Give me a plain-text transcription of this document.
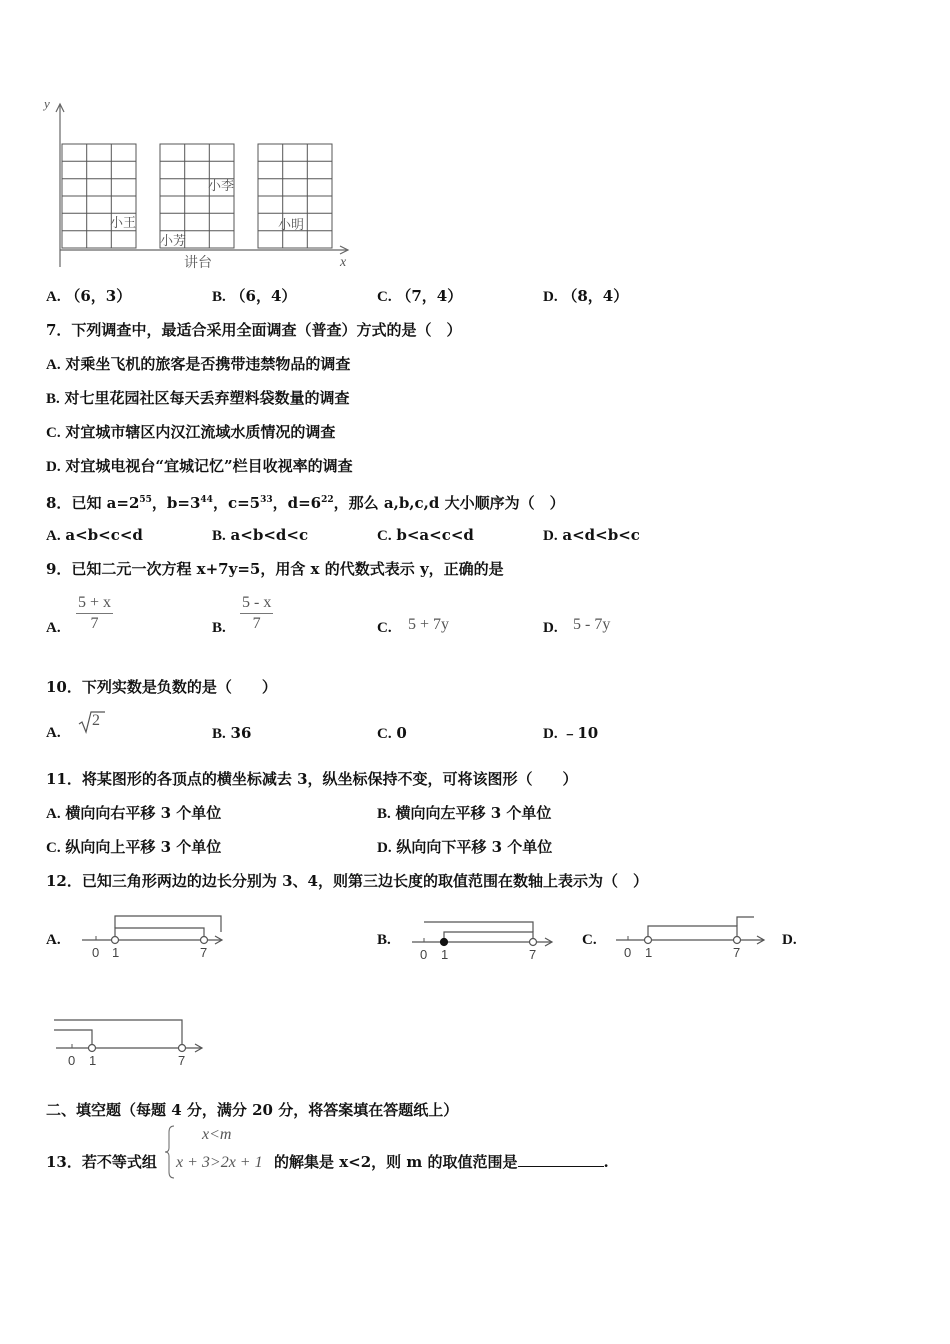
y
x
小王
小芳
小李
小明
讲台
A. （6，3）	B. （6，4）	C. （7，4）	D. （8，4）
7．下列调查中，最适合采用全面调查（普查）方式的是（　）
A. 对乘坐飞机的旅客是否携带违禁物品的调查
B. 对七里花园社区每天丢弃塑料袋数量的调查
C. 对宜城市辖区内汉江流域水质情况的调查
D. 对宜城电视台“宜城记忆”栏目收视率的调查
8．已知 $a=2^{55}$，$b=3^{44}$，$c=5^{33}$，$d=6^{22}$，那么 a,b,c,d 大小顺序为（　）
A. a<b<c<d	B. a<b<d<c	C. b<a<c<d	D. a<d<b<c
9．已知二元一次方程 x+7y=5，用含 x 的代数式表示 y，正确的是
A.
5 + x
7	B.
5 - x
7	C. 5 + 7y	D. 5 - 7y
10．下列实数是负数的是（　　）
A.
2
B. 36	C. 0	D. ﹣10
11．将某图形的各顶点的横坐标减去 3，纵坐标保持不变，可将该图形（　　）
A. 横向向右平移 3 个单位	B. 横向向左平移 3 个单位
C. 纵向向上平移 3 个单位	D. 纵向向下平移 3 个单位
12．已知三角形两边的边长分别为 3、4，则第三边长度的取值范围在数轴上表示为（　）
A.
0 1	7
B.
0 1	7
C.
0 1	7
D.
0 1	7
二、填空题（每题 4 分，满分 20 分，将答案填在答题纸上）
13．若不等式组
x<m
x + 3>2x + 1 的解集是 x<2，则 m 的取值范围是	.
